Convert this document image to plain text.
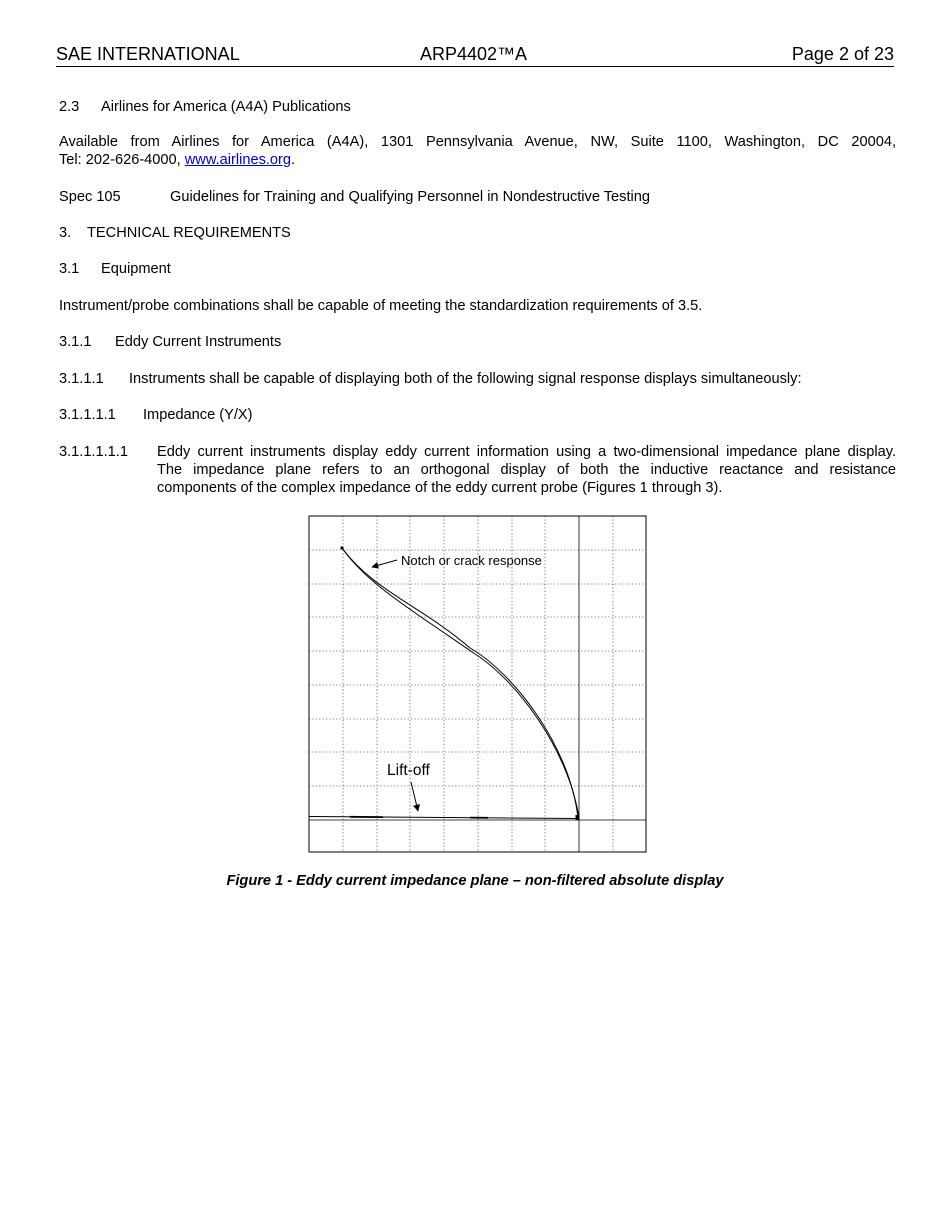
SAE INTERNATIONAL	ARP4402™A	Page 2 of 23
2.3 Airlines for America (A4A) Publications
Available from Airlines for America (A4A), 1301 Pennsylvania Avenue, NW, Suite 1100, Washington, DC 20004,
Tel: 202-626-4000, www.airlines.org.
Spec 105	Guidelines for Training and Qualifying Personnel in Nondestructive Testing
3. TECHNICAL REQUIREMENTS
3.1 Equipment
Instrument/probe combinations shall be capable of meeting the standardization requirements of 3.5.
3.1.1 Eddy Current Instruments
3.1.1.1 Instruments shall be capable of displaying both of the following signal response displays simultaneously:
3.1.1.1.1 Impedance (Y/X)
3.1.1.1.1.1 Eddy current instruments display eddy current information using a two-dimensional impedance plane display.
The impedance plane refers to an orthogonal display of both the inductive reactance and resistance
components of the complex impedance of the eddy current probe (Figures 1 through 3).
Notch or crack response
Lift-off
Figure 1 - Eddy current impedance plane – non-filtered absolute display
